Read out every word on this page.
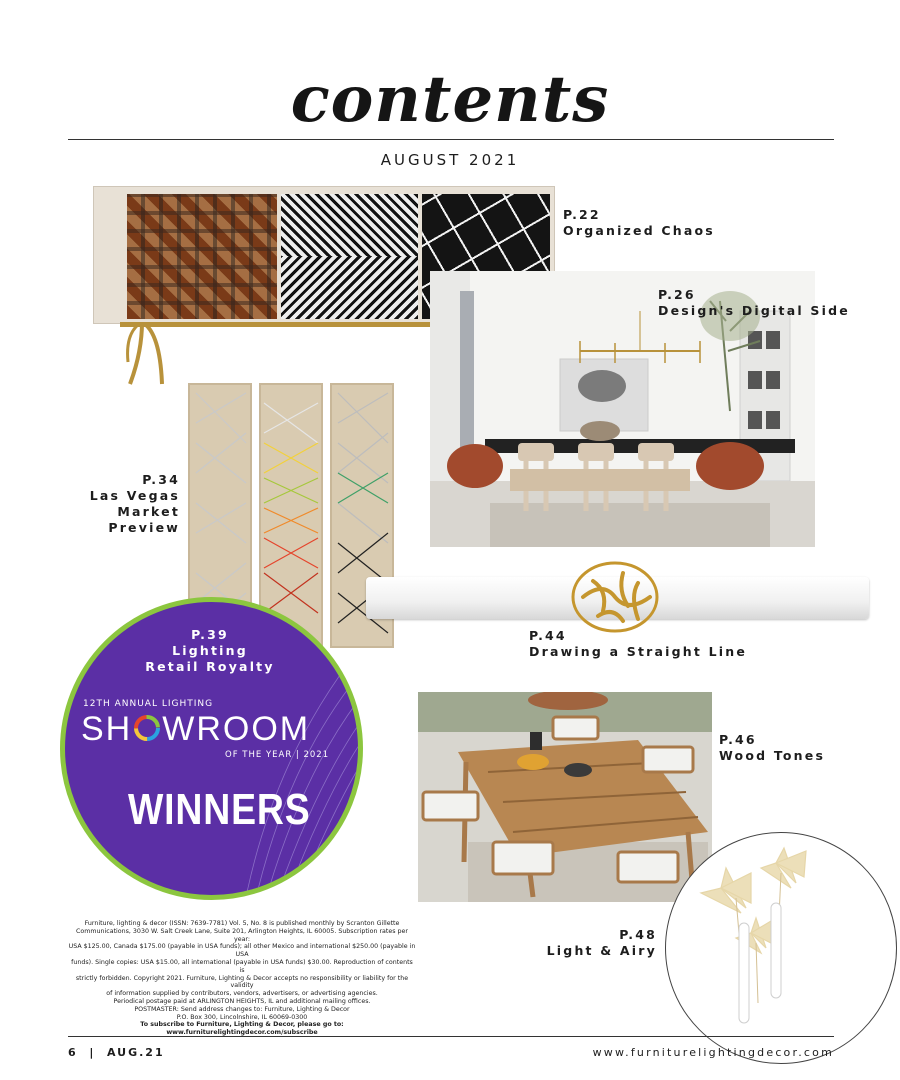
contents
AUGUST 2021
12TH ANNUAL LIGHTING
SH WROOM
OF THE YEAR | 2021
WINNERS
P.22
Organized Chaos
P.26
Design's Digital Side
P.34
Las Vegas
Market
Preview
P.39
Lighting
Retail Royalty
P.44
Drawing a Straight Line
P.46
Wood Tones
P.48
Light & Airy
Furniture, lighting & decor (ISSN: 7639-7781) Vol. 5, No. 8 is published monthly by Scranton Gillette
Communications, 3030 W. Salt Creek Lane, Suite 201, Arlington Heights, IL 60005. Subscription rates per year:
USA $125.00, Canada $175.00 (payable in USA funds); all other Mexico and international $250.00 (payable in USA
funds). Single copies: USA $15.00, all international (payable in USA funds) $30.00. Reproduction of contents is
strictly forbidden. Copyright 2021. Furniture, Lighting & Decor accepts no responsibility or liability for the validity
of information supplied by contributors, vendors, advertisers, or advertising agencies.
Periodical postage paid at ARLINGTON HEIGHTS, IL and additional mailing offices.
POSTMASTER: Send address changes to: Furniture, Lighting & Decor
P.O. Box 300, Lincolnshire, IL 60069-0300
To subscribe to Furniture, Lighting & Decor, please go to:
www.furniturelightingdecor.com/subscribe
6  |  AUG.21	www.furniturelightingdecor.com
